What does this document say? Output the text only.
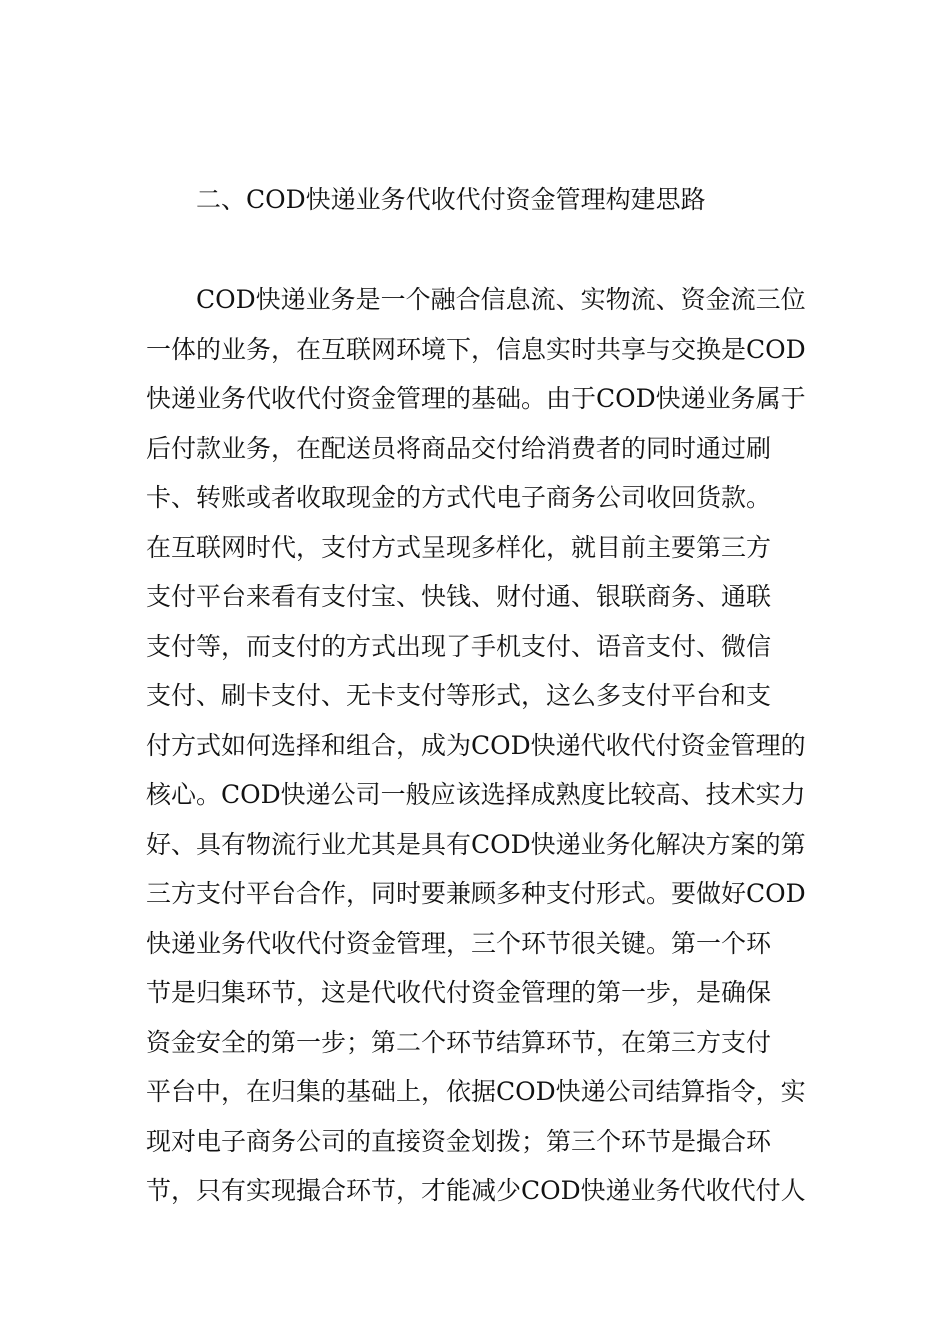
二、COD快递业务代收代付资金管理构建思路
COD快递业务是一个融合信息流、实物流、资金流三位
一体的业务，在互联网环境下，信息实时共享与交换是COD
快递业务代收代付资金管理的基础。由于COD快递业务属于
后付款业务，在配送员将商品交付给消费者的同时通过刷
卡、转账或者收取现金的方式代电子商务公司收回货款。
在互联网时代，支付方式呈现多样化，就目前主要第三方
支付平台来看有支付宝、快钱、财付通、银联商务、通联
支付等，而支付的方式出现了手机支付、语音支付、微信
支付、刷卡支付、无卡支付等形式，这么多支付平台和支
付方式如何选择和组合，成为COD快递代收代付资金管理的
核心。COD快递公司一般应该选择成熟度比较高、技术实力
好、具有物流行业尤其是具有COD快递业务化解决方案的第
三方支付平台合作，同时要兼顾多种支付形式。要做好COD
快递业务代收代付资金管理，三个环节很关键。第一个环
节是归集环节，这是代收代付资金管理的第一步，是确保
资金安全的第一步；第二个环节结算环节，在第三方支付
平台中，在归集的基础上，依据COD快递公司结算指令，实
现对电子商务公司的直接资金划拨；第三个环节是撮合环
节，只有实现撮合环节，才能减少COD快递业务代收代付人
